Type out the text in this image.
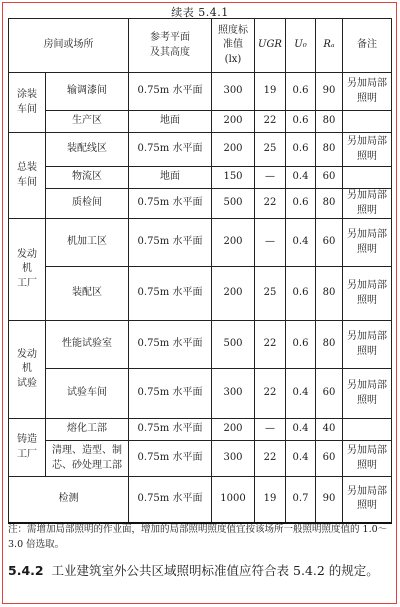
续表 5.4.1
房间或场所		参考平面
及其高度	照度标
准值
(lx)	UGR	U₀	Rₐ	备注
涂装
车间	输调漆间	0.75m 水平面	300	19	0.6	90	另加局部
照明
	生产区	地面	200	22	0.6	80	
总装
车间	装配线区	0.75m 水平面	200	25	0.6	80	另加局部
照明
	物流区	地面	150	—	0.4	60	
	质检间	0.75m 水平面	500	22	0.6	80	另加局部
照明
发动
机
工厂	机加工区	0.75m 水平面	200	—	0.4	60	另加局部
照明
	装配区	0.75m 水平面	200	25	0.6	80	另加局部
照明
发动
机
试验	性能试验室	0.75m 水平面	500	22	0.6	80	另加局部
照明
	试验车间	0.75m 水平面	300	22	0.4	60	另加局部
照明
铸造
工厂	熔化工部	0.75m 水平面	200	—	0.4	40	
	清理、造型、制
芯、砂处理工部	0.75m 水平面	300	22	0.4	60	另加局部
照明
检测		0.75m 水平面	1000	19	0.7	90	另加局部
照明
注：需增加局部照明的作业面，增加的局部照明照度值宜按该场所一般照明照度值的 1.0～3.0 倍选取。
5.4.2 工业建筑室外公共区域照明标准值应符合表 5.4.2 的规定。
